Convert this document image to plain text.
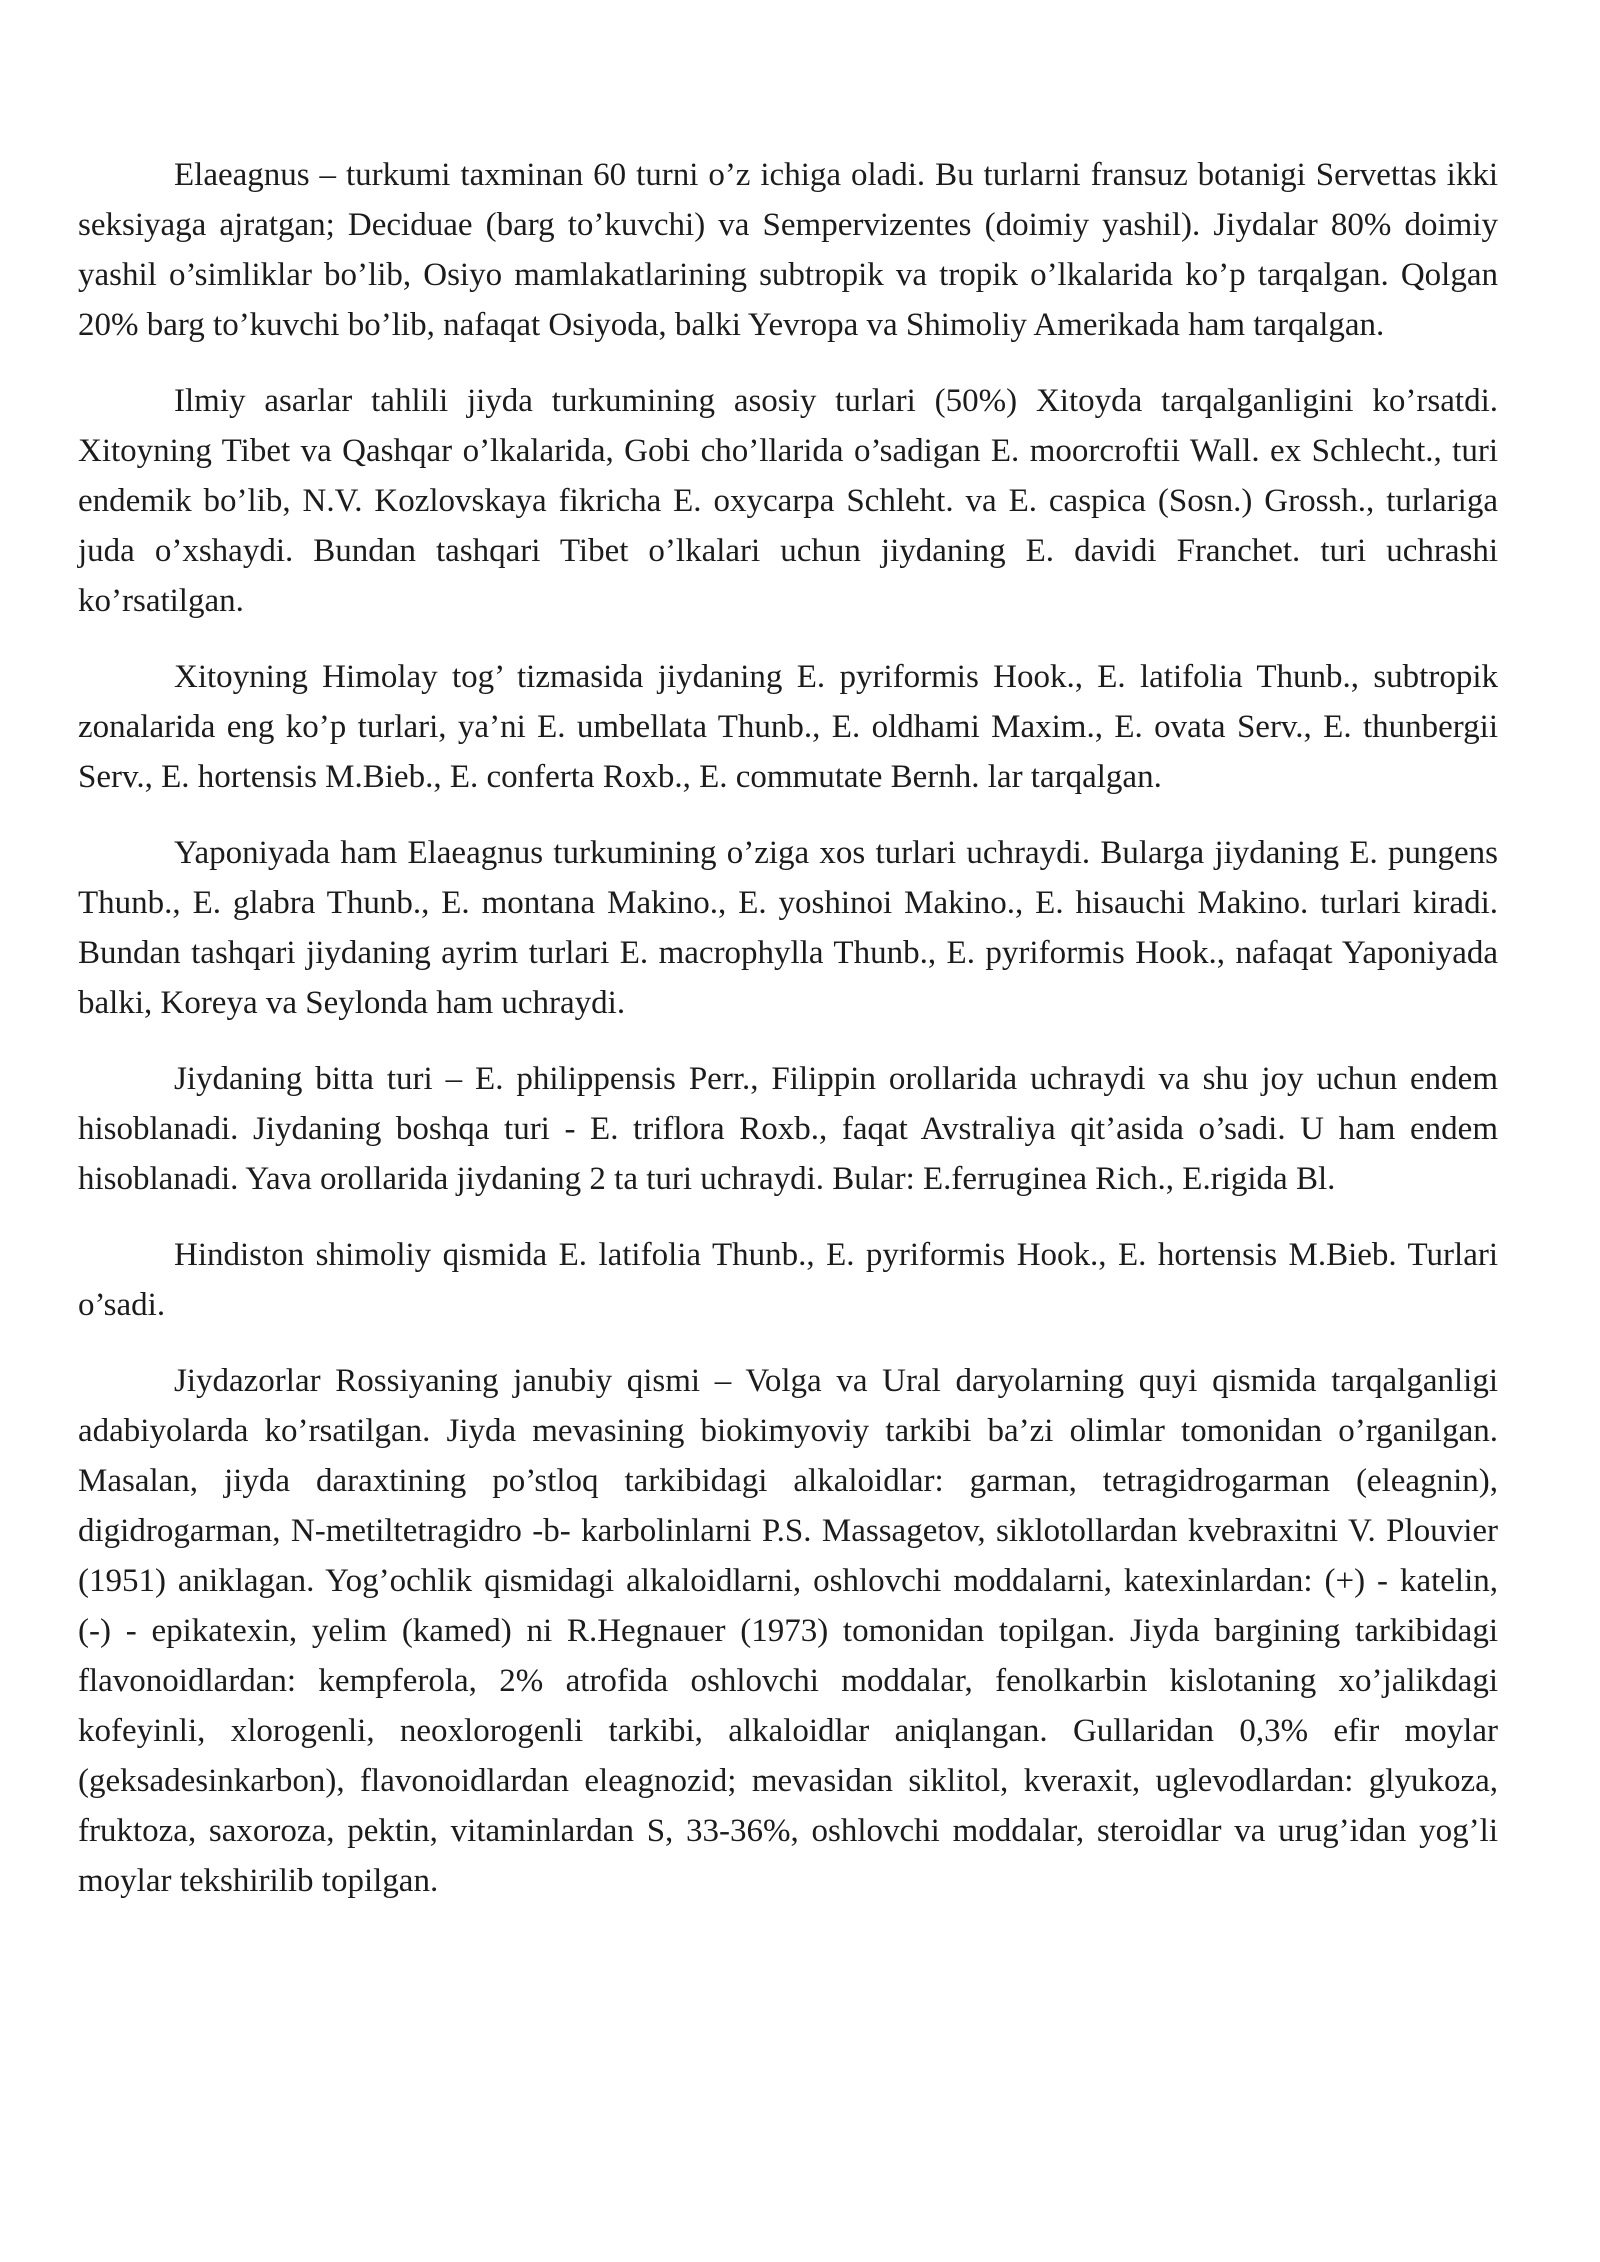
Elaeagnus – turkumi taxminan 60 turni o’z ichiga oladi. Bu turlarni fransuz botanigi Servettas ikki seksiyaga ajratgan; Deciduae (barg to’kuvchi) va Sempervizentes (doimiy yashil). Jiydalar 80% doimiy yashil o’simliklar bo’lib, Osiyo mamlakatlarining subtropik va tropik o’lkalarida ko’p tarqalgan. Qolgan 20% barg to’kuvchi bo’lib, nafaqat Osiyoda, balki Yevropa va Shimoliy Amerikada ham tarqalgan.

Ilmiy asarlar tahlili jiyda turkumining asosiy turlari (50%) Xitoyda tarqalganligini ko’rsatdi. Xitoyning Tibet va Qashqar o’lkalarida, Gobi cho’llarida o’sadigan E. moorcroftii Wall. ex Schlecht., turi endemik bo’lib, N.V. Kozlovskaya fikricha E. oxycarpa Schleht. va E. caspica (Sosn.) Grossh., turlariga juda o’xshaydi. Bundan tashqari Tibet o’lkalari uchun jiydaning E. davidi Franchet. turi uchrashi ko’rsatilgan.

Xitoyning Himolay tog’ tizmasida jiydaning E. pyriformis Hook., E. latifolia Thunb., subtropik zonalarida eng ko’p turlari, ya’ni E. umbellata Thunb., E. oldhami Maxim., E. ovata Serv., E. thunbergii Serv., E. hortensis M.Bieb., E. conferta Roxb., E. commutate Bernh. lar tarqalgan.

Yaponiyada ham Elaeagnus turkumining o’ziga xos turlari uchraydi. Bularga jiydaning E. pungens Thunb., E. glabra Thunb., E. montana Makino., E. yoshinoi Makino., E. hisauchi Makino. turlari kiradi. Bundan tashqari jiydaning ayrim turlari E. macrophylla Thunb., E. pyriformis Hook., nafaqat Yaponiyada balki, Koreya va Seylonda ham uchraydi.

Jiydaning bitta turi – E. philippensis Perr., Filippin orollarida uchraydi va shu joy uchun endem hisoblanadi. Jiydaning boshqa turi - E. triflora Roxb., faqat Avstraliya qit’asida o’sadi. U ham endem hisoblanadi. Yava orollarida jiydaning 2 ta turi uchraydi. Bular: E.ferruginea Rich., E.rigida Bl.

Hindiston shimoliy qismida E. latifolia Thunb., E. pyriformis Hook., E. hortensis M.Bieb. Turlari o’sadi.

Jiydazorlar Rossiyaning janubiy qismi – Volga va Ural daryolarning quyi qismida tarqalganligi adabiyolarda ko’rsatilgan. Jiyda mevasining biokimyoviy tarkibi ba’zi olimlar tomonidan o’rganilgan. Masalan, jiyda daraxtining po’stloq tarkibidagi alkaloidlar: garman, tetragidrogarman (eleagnin), digidrogarman, N-metiltetragidro -b- karbolinlarni P.S. Massagetov, siklotollardan kvebraxitni V. Plouvier (1951) aniklagan. Yog’ochlik qismidagi alkaloidlarni, oshlovchi moddalarni, katexinlardan: (+) - katelin, (-) - epikatexin, yelim (kamed) ni R.Hegnauer (1973) tomonidan topilgan. Jiyda bargining tarkibidagi flavonoidlardan: kempferola, 2% atrofida oshlovchi moddalar, fenolkarbin kislotaning xo’jalikdagi kofeyinli, xlorogenli, neoxlorogenli tarkibi, alkaloidlar aniqlangan. Gullaridan 0,3% efir moylar (geksadesinkarbon), flavonoidlardan eleagnozid; mevasidan siklitol, kveraxit, uglevodlardan: glyukoza, fruktoza, saxoroza, pektin, vitaminlardan S, 33-36%, oshlovchi moddalar, steroidlar va urug’idan yog’li moylar tekshirilib topilgan.
